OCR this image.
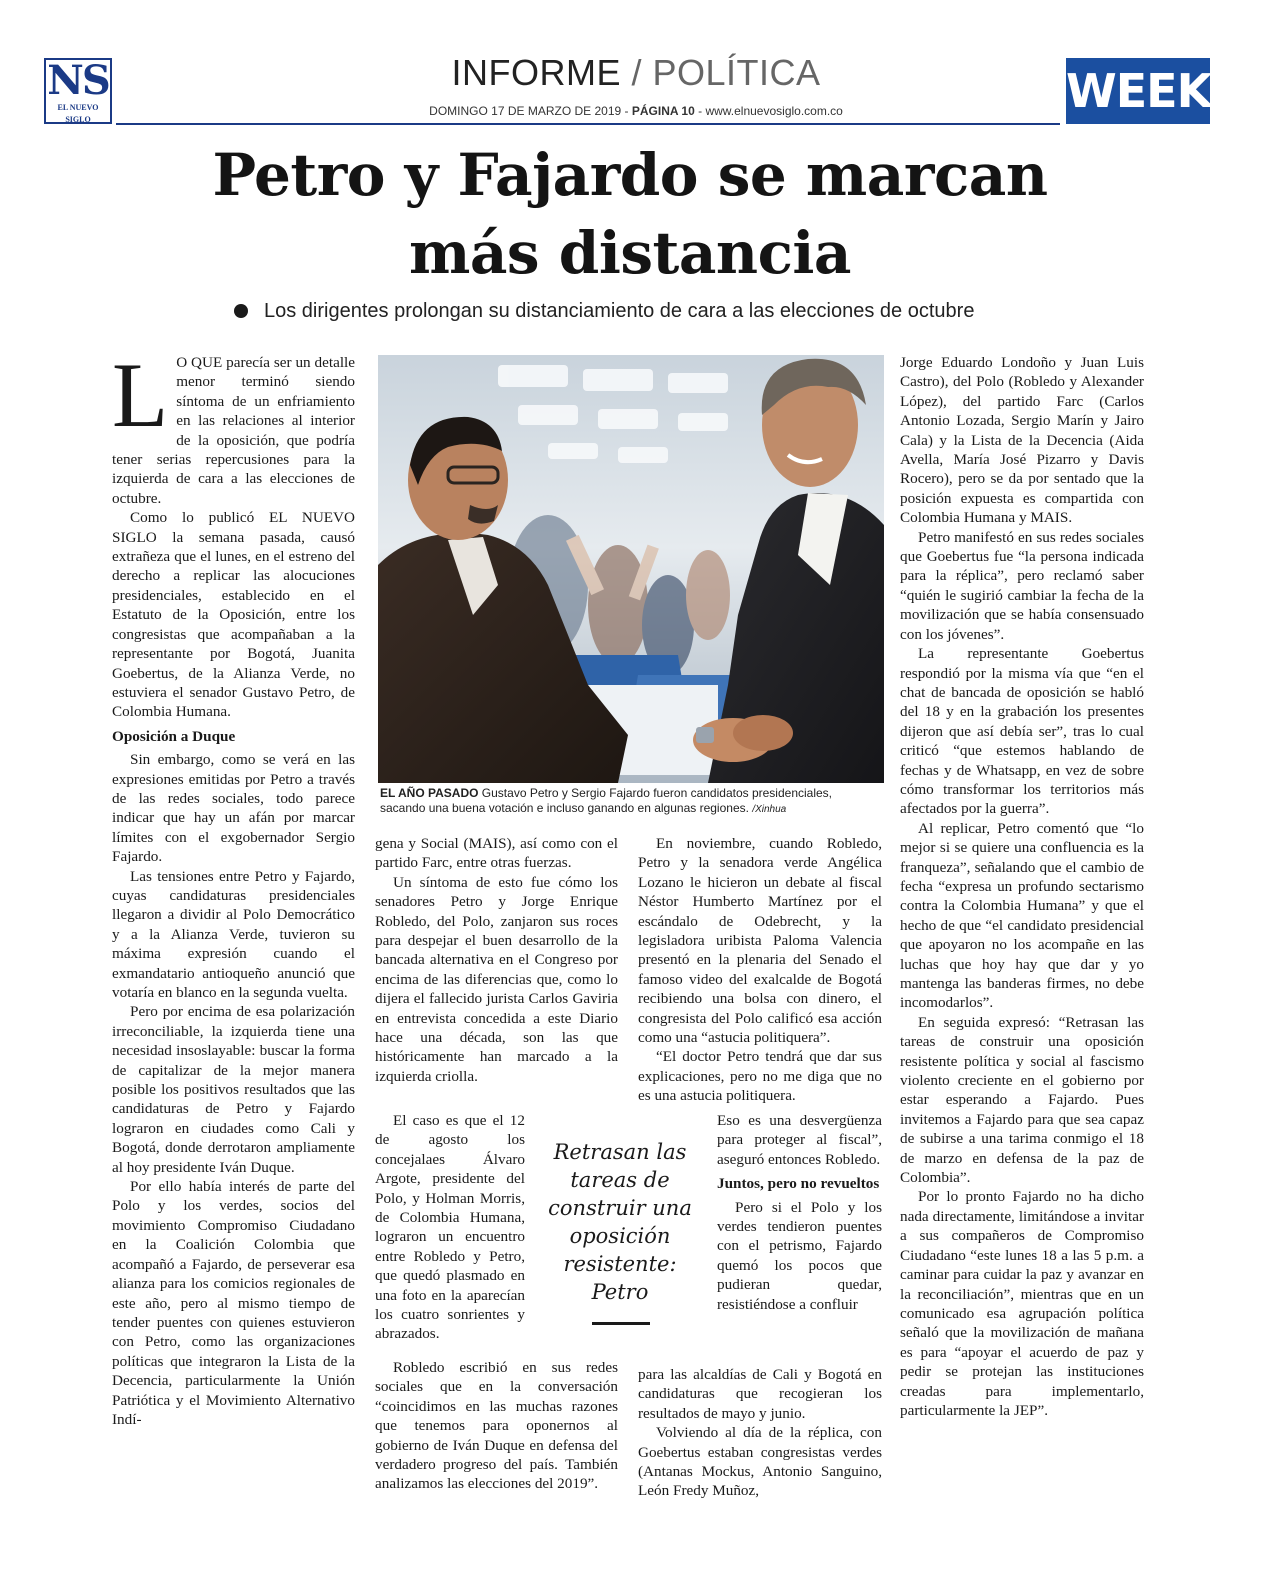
NS
EL NUEVO SIGLO
INFORME / POLÍTICA
DOMINGO 17 DE MARZO DE 2019 - PÁGINA 10 - www.elnuevosiglo.com.co	WEEK
Petro y Fajardo se marcan
más distancia
Los dirigentes prolongan su distanciamiento de cara a las elecciones de octubre

L O QUE parecía ser un detalle menor terminó siendo síntoma de un enfriamiento en las relaciones al interior de la oposición, que podría tener serias repercusiones para la izquierda de cara a las elecciones de octubre.

Como lo publicó EL NUEVO SIGLO la semana pasada, causó extrañeza que el lunes, en el estreno del derecho a replicar las alocuciones presidenciales, establecido en el Estatuto de la Oposición, entre los congresistas que acompañaban a la representante por Bogotá, Juanita Goebertus, de la Alianza Verde, no estuviera el senador Gustavo Petro, de Colombia Humana.

Oposición a Duque

Sin embargo, como se verá en las expresiones emitidas por Petro a través de las redes sociales, todo parece indicar que hay un afán por marcar límites con el exgobernador Sergio Fajardo.

Las tensiones entre Petro y Fajardo, cuyas candidaturas presidenciales llegaron a dividir al Polo Democrático y a la Alianza Verde, tuvieron su máxima expresión cuando el exmandatario antioqueño anunció que votaría en blanco en la segunda vuelta.

Pero por encima de esa polarización irreconciliable, la izquierda tiene una necesidad insoslayable: buscar la forma de capitalizar de la mejor manera posible los positivos resultados que las candidaturas de Petro y Fajardo lograron en ciudades como Cali y Bogotá, donde derrotaron ampliamente al hoy presidente Iván Duque.

Por ello había interés de parte del Polo y los verdes, socios del movimiento Compromiso Ciudadano en la Coalición Colombia que acompañó a Fajardo, de perseverar esa alianza para los comicios regionales de este año, pero al mismo tiempo de tender puentes con quienes estuvieron con Petro, como las organizaciones políticas que integraron la Lista de la Decencia, particularmente la Unión Patriótica y el Movimiento Alternativo Indí-

EL AÑO PASADO Gustavo Petro y Sergio Fajardo fueron candidatos presidenciales, sacando una buena votación e incluso ganando en algunas regiones. /Xinhua

gena y Social (MAIS), así como con el partido Farc, entre otras fuerzas.

Un síntoma de esto fue cómo los senadores Petro y Jorge Enrique Robledo, del Polo, zanjaron sus roces para despejar el buen desarrollo de la bancada alternativa en el Congreso por encima de las diferencias que, como lo dijera el fallecido jurista Carlos Gaviria en entrevista concedida a este Diario hace una década, son las que históricamente han marcado a la izquierda criolla.

El caso es que el 12 de agosto los concejalaes Álvaro Argote, presidente del Polo, y Holman Morris, de Colombia Humana, lograron un encuentro entre Robledo y Petro, que quedó plasmado en una foto en la aparecían los cuatro sonrientes y abrazados.

Robledo escribió en sus redes sociales que en la conversación “coincidimos en las muchas razones que tenemos para oponernos al gobierno de Iván Duque en defensa del verdadero progreso del país. También analizamos las elecciones del 2019”.

Retrasan las tareas de construir una oposición resistente: Petro

En noviembre, cuando Robledo, Petro y la senadora verde Angélica Lozano le hicieron un debate al fiscal Néstor Humberto Martínez por el escándalo de Odebrecht, y la legisladora uribista Paloma Valencia presentó en la plenaria del Senado el famoso video del exalcalde de Bogotá recibiendo una bolsa con dinero, el congresista del Polo calificó esa acción como una “astucia politiquera”.

“El doctor Petro tendrá que dar sus explicaciones, pero no me diga que no es una astucia politiquera.

Eso es una desvergüenza para proteger al fiscal”, aseguró entonces Robledo.

Juntos, pero no revueltos

Pero si el Polo y los verdes tendieron puentes con el petrismo, Fajardo quemó los pocos que pudieran quedar, resistiéndose a confluir

para las alcaldías de Cali y Bogotá en candidaturas que recogieran los resultados de mayo y junio.

Volviendo al día de la réplica, con Goebertus estaban congresistas verdes (Antanas Mockus, Antonio Sanguino, León Fredy Muñoz,

Jorge Eduardo Londoño y Juan Luis Castro), del Polo (Robledo y Alexander López), del partido Farc (Carlos Antonio Lozada, Sergio Marín y Jairo Cala) y la Lista de la Decencia (Aida Avella, María José Pizarro y Davis Rocero), pero se da por sentado que la posición expuesta es compartida con Colombia Humana y MAIS.

Petro manifestó en sus redes sociales que Goebertus fue “la persona indicada para la réplica”, pero reclamó saber “quién le sugirió cambiar la fecha de la movilización que se había consensuado con los jóvenes”.

La representante Goebertus respondió por la misma vía que “en el chat de bancada de oposición se habló del 18 y en la grabación los presentes dijeron que así debía ser”, tras lo cual criticó “que estemos hablando de fechas y de Whatsapp, en vez de sobre cómo transformar los territorios más afectados por la guerra”.

Al replicar, Petro comentó que “lo mejor si se quiere una confluencia es la franqueza”, señalando que el cambio de fecha “expresa un profundo sectarismo contra la Colombia Humana” y que el hecho de que “el candidato presidencial que apoyaron no los acompañe en las luchas que hoy hay que dar y yo mantenga las banderas firmes, no debe incomodarlos”.

En seguida expresó: “Retrasan las tareas de construir una oposición resistente política y social al fascismo violento creciente en el gobierno por estar esperando a Fajardo. Pues invitemos a Fajardo para que sea capaz de subirse a una tarima conmigo el 18 de marzo en defensa de la paz de Colombia”.

Por lo pronto Fajardo no ha dicho nada directamente, limitándose a invitar a sus compañeros de Compromiso Ciudadano “este lunes 18 a las 5 p.m. a caminar para cuidar la paz y avanzar en la reconciliación”, mientras que en un comunicado esa agrupación política señaló que la movilización de mañana es para “apoyar el acuerdo de paz y pedir se protejan las instituciones creadas para implementarlo, particularmente la JEP”.
